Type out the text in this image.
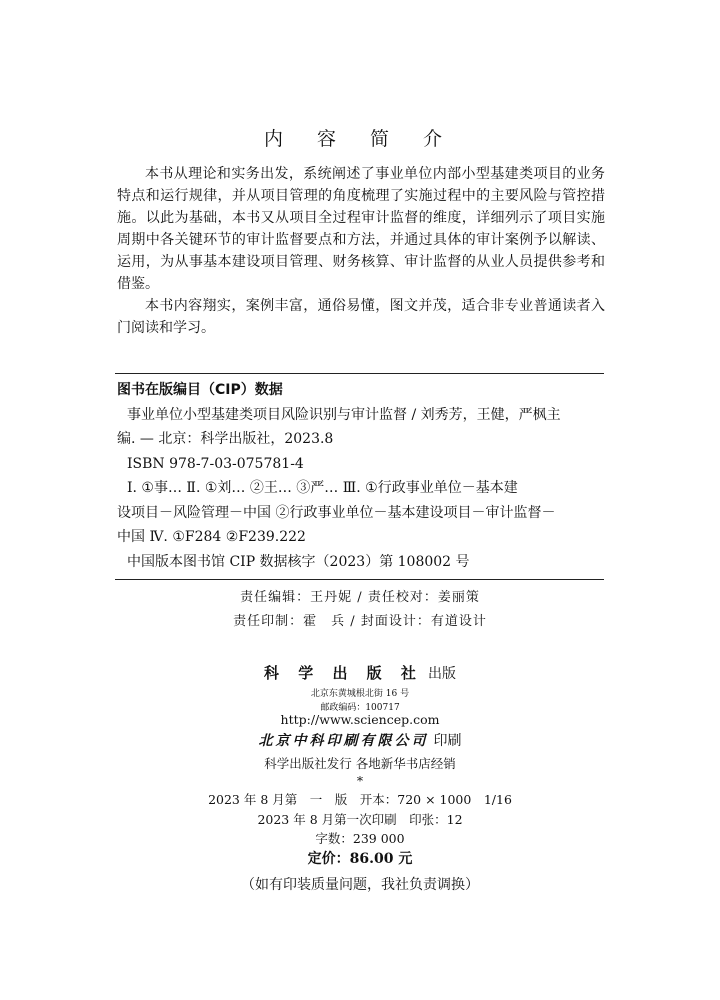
内 容 简 介

本书从理论和实务出发，系统阐述了事业单位内部小型基建类项目的业务特点和运行规律，并从项目管理的角度梳理了实施过程中的主要风险与管控措施。以此为基础，本书又从项目全过程审计监督的维度，详细列示了项目实施周期中各关键环节的审计监督要点和方法，并通过具体的审计案例予以解读、运用，为从事基本建设项目管理、财务核算、审计监督的从业人员提供参考和借鉴。

本书内容翔实，案例丰富，通俗易懂，图文并茂，适合非专业普通读者入门阅读和学习。

图书在版编目（CIP）数据
事业单位小型基建类项目风险识别与审计监督 / 刘秀芳，王健，严枫主
编. — 北京：科学出版社，2023.8
ISBN 978-7-03-075781-4
Ⅰ. ①事… Ⅱ. ①刘… ②王… ③严… Ⅲ. ①行政事业单位－基本建
设项目－风险管理－中国 ②行政事业单位－基本建设项目－审计监督－
中国 Ⅳ. ①F284 ②F239.222
中国版本图书馆 CIP 数据核字（2023）第 108002 号
责任编辑：王丹妮 / 责任校对：姜丽策
责任印制：霍　兵 / 封面设计：有道设计
科 学 出 版 社 出版
北京东黄城根北街 16 号
邮政编码：100717
http://www.sciencep.com
北京中科印刷有限公司 印刷
科学出版社发行 各地新华书店经销
*
2023 年 8 月第　一　版　开本：720 × 1000　1/16
2023 年 8 月第一次印刷　印张：12
字数：239 000
定价：86.00 元
（如有印装质量问题，我社负责调换）
